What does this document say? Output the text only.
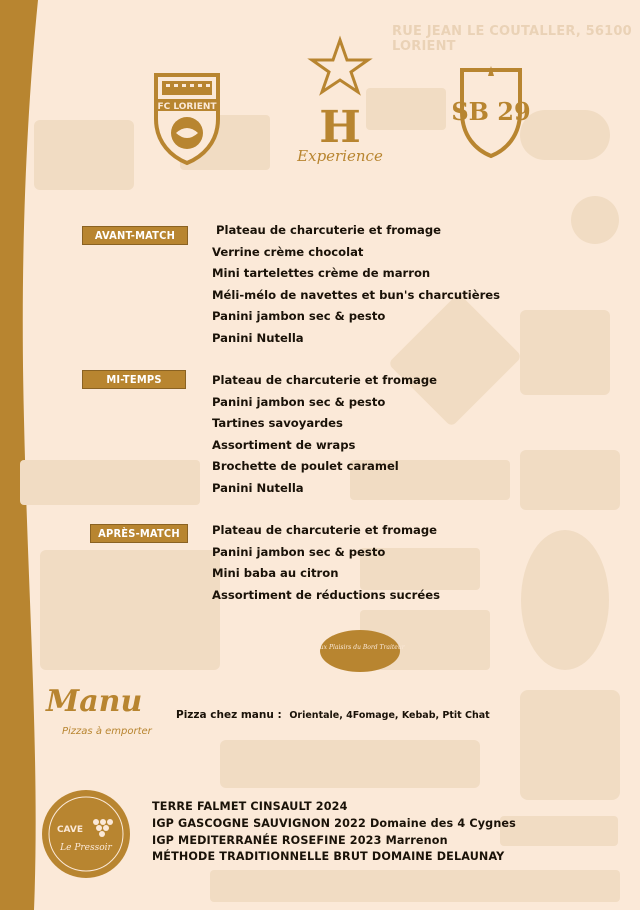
RUE JEAN LE COUTALLER, 56100 LORIENT
FC LORIENT H
Experience
SB 29
AVANT-MATCH	Plateau de charcuterie et fromage
Verrine crème chocolat
Mini tartelettes crème de marron
Méli-mélo de navettes et bun's charcutières
Panini jambon sec & pesto
Panini Nutella
MI-TEMPS	Plateau de charcuterie et fromage
Panini jambon sec & pesto
Tartines savoyardes
Assortiment de wraps
Brochette de poulet caramel
Panini Nutella
APRÈS-MATCH	Plateau de charcuterie et fromage
Panini jambon sec & pesto
Mini baba au citron
Assortiment de réductions sucrées
Aux Plaisirs du Bord Traiteur
Manu
Pizzas à emporter
Pizza chez manu : Orientale, 4Fomage, Kebab, Ptit Chat
CAVE
Le Pressoir
TERRE FALMET CINSAULT 2024
IGP GASCOGNE SAUVIGNON 2022 Domaine des 4 Cygnes
IGP MEDITERRANÉE ROSEFINE 2023 Marrenon
MÉTHODE TRADITIONNELLE BRUT DOMAINE DELAUNAY
